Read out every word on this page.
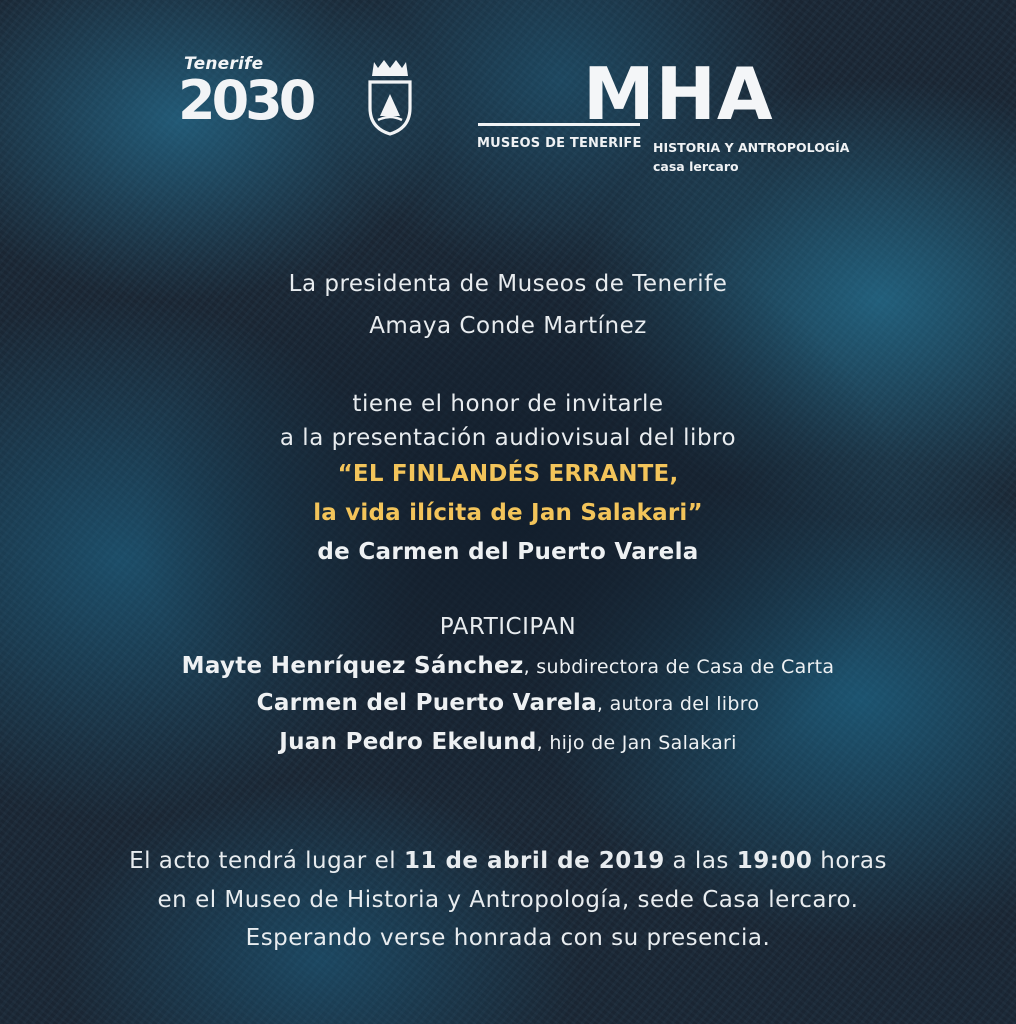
Tenerife
2030	MHA
MUSEOS DE TENERIFE HISTORIA Y ANTROPOLOGÍA
casa lercaro
La presidenta de Museos de Tenerife
Amaya Conde Martínez
tiene el honor de invitarle
a la presentación audiovisual del libro
“EL FINLANDÉS ERRANTE,
la vida ilícita de Jan Salakari”
de Carmen del Puerto Varela
PARTICIPAN
Mayte Henríquez Sánchez, subdirectora de Casa de Carta
Carmen del Puerto Varela, autora del libro
Juan Pedro Ekelund, hijo de Jan Salakari
El acto tendrá lugar el 11 de abril de 2019 a las 19:00 horas
en el Museo de Historia y Antropología, sede Casa lercaro.
Esperando verse honrada con su presencia.
